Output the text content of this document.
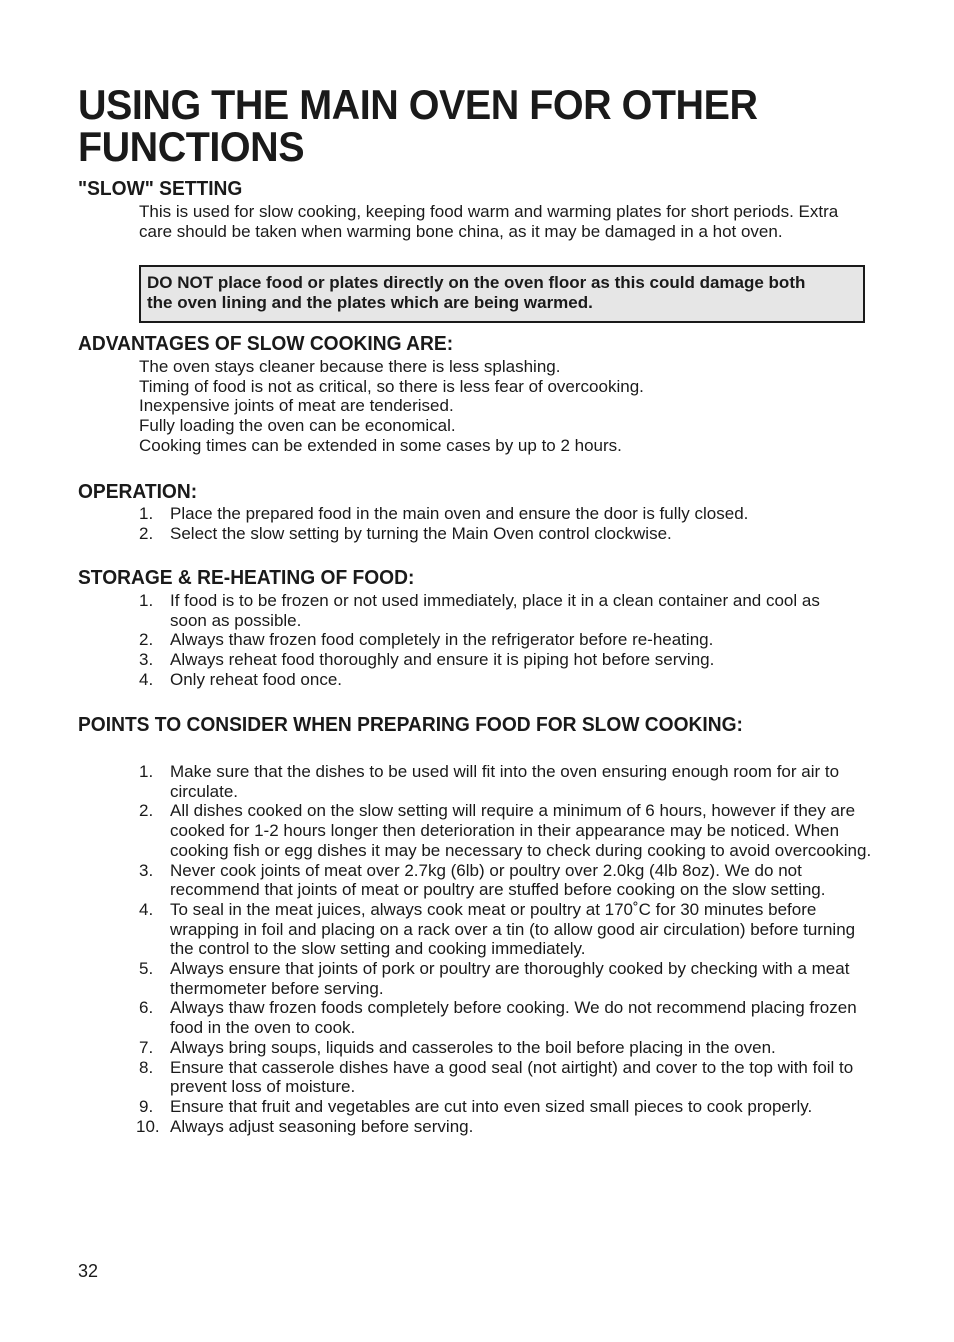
USING THE MAIN OVEN FOR OTHER FUNCTIONS
"SLOW" SETTING

This is used for slow cooking, keeping food warm and warming plates for short periods. Extra care should be taken when warming bone china, as it may be damaged in a hot oven.

DO NOT place food or plates directly on the oven floor as this could damage both the oven lining and the plates which are being warmed.

ADVANTAGES OF SLOW COOKING ARE:
The oven stays cleaner because there is less splashing.
Timing of food is not as critical, so there is less fear of overcooking.
Inexpensive joints of meat are tenderised.
Fully loading the oven can be economical.
Cooking times can be extended in some cases by up to 2 hours.
OPERATION:
1. Place the prepared food in the main oven and ensure the door is fully closed.
2. Select the slow setting by turning the Main Oven control clockwise.
STORAGE & RE-HEATING OF FOOD:
1. If food is to be frozen or not used immediately, place it in a clean container and cool as soon as possible.
2. Always thaw frozen food completely in the refrigerator before re-heating.
3. Always reheat food thoroughly and ensure it is piping hot before serving.
4. Only reheat food once.
POINTS TO CONSIDER WHEN PREPARING FOOD FOR SLOW COOKING:
1. Make sure that the dishes to be used will fit into the oven ensuring enough room for air to circulate.
2. All dishes cooked on the slow setting will require a minimum of 6 hours, however if they are cooked for 1-2 hours longer then deterioration in their appearance may be noticed. When cooking fish or egg dishes it may be necessary to check during cooking to avoid overcooking.
3. Never cook joints of meat over 2.7kg (6lb) or poultry over 2.0kg (4lb 8oz). We do not recommend that joints of meat or poultry are stuffed before cooking on the slow setting.
4. To seal in the meat juices, always cook meat or poultry at 170˚C for 30 minutes before wrapping in foil and placing on a rack over a tin (to allow good air circulation) before turning the control to the slow setting and cooking immediately.
5. Always ensure that joints of pork or poultry are thoroughly cooked by checking with a meat thermometer before serving.
6. Always thaw frozen foods completely before cooking. We do not recommend placing frozen food in the oven to cook.
7. Always bring soups, liquids and casseroles to the boil before placing in the oven.
8. Ensure that casserole dishes have a good seal (not airtight) and cover to the top with foil to prevent loss of moisture.
9. Ensure that fruit and vegetables are cut into even sized small pieces to cook properly.
10. Always adjust seasoning before serving.

32
